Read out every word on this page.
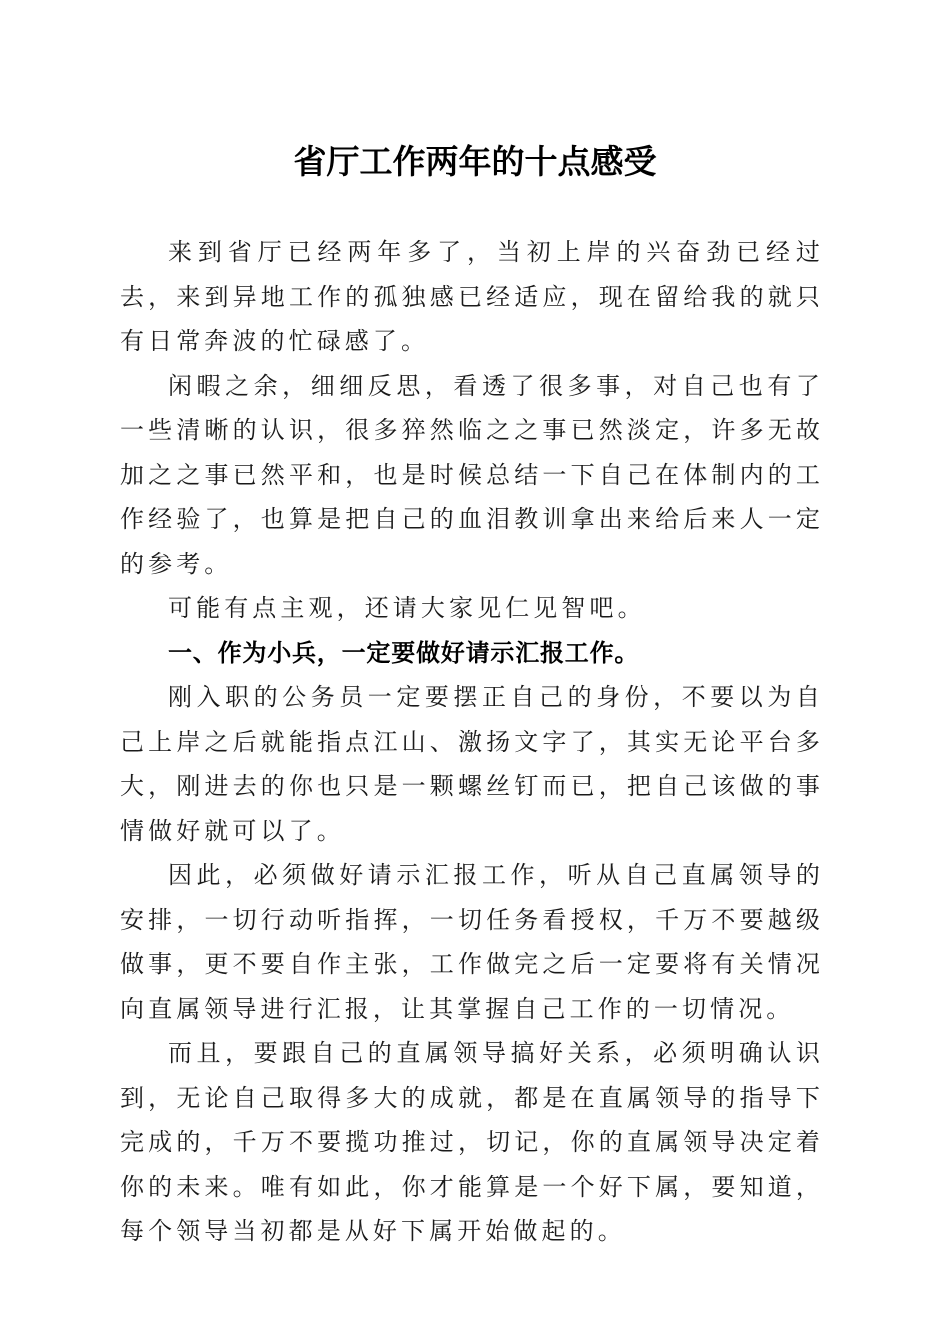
省厅工作两年的十点感受

来到省厅已经两年多了，当初上岸的兴奋劲已经过去，来到异地工作的孤独感已经适应，现在留给我的就只有日常奔波的忙碌感了。

闲暇之余，细细反思，看透了很多事，对自己也有了一些清晰的认识，很多猝然临之之事已然淡定，许多无故加之之事已然平和，也是时候总结一下自己在体制内的工作经验了，也算是把自己的血泪教训拿出来给后来人一定的参考。

可能有点主观，还请大家见仁见智吧。

一、作为小兵，一定要做好请示汇报工作。

刚入职的公务员一定要摆正自己的身份，不要以为自己上岸之后就能指点江山、激扬文字了，其实无论平台多大，刚进去的你也只是一颗螺丝钉而已，把自己该做的事情做好就可以了。

因此，必须做好请示汇报工作，听从自己直属领导的安排，一切行动听指挥，一切任务看授权，千万不要越级做事，更不要自作主张，工作做完之后一定要将有关情况向直属领导进行汇报，让其掌握自己工作的一切情况。

而且，要跟自己的直属领导搞好关系，必须明确认识到，无论自己取得多大的成就，都是在直属领导的指导下完成的，千万不要揽功推过，切记，你的直属领导决定着你的未来。唯有如此，你才能算是一个好下属，要知道，每个领导当初都是从好下属开始做起的。
